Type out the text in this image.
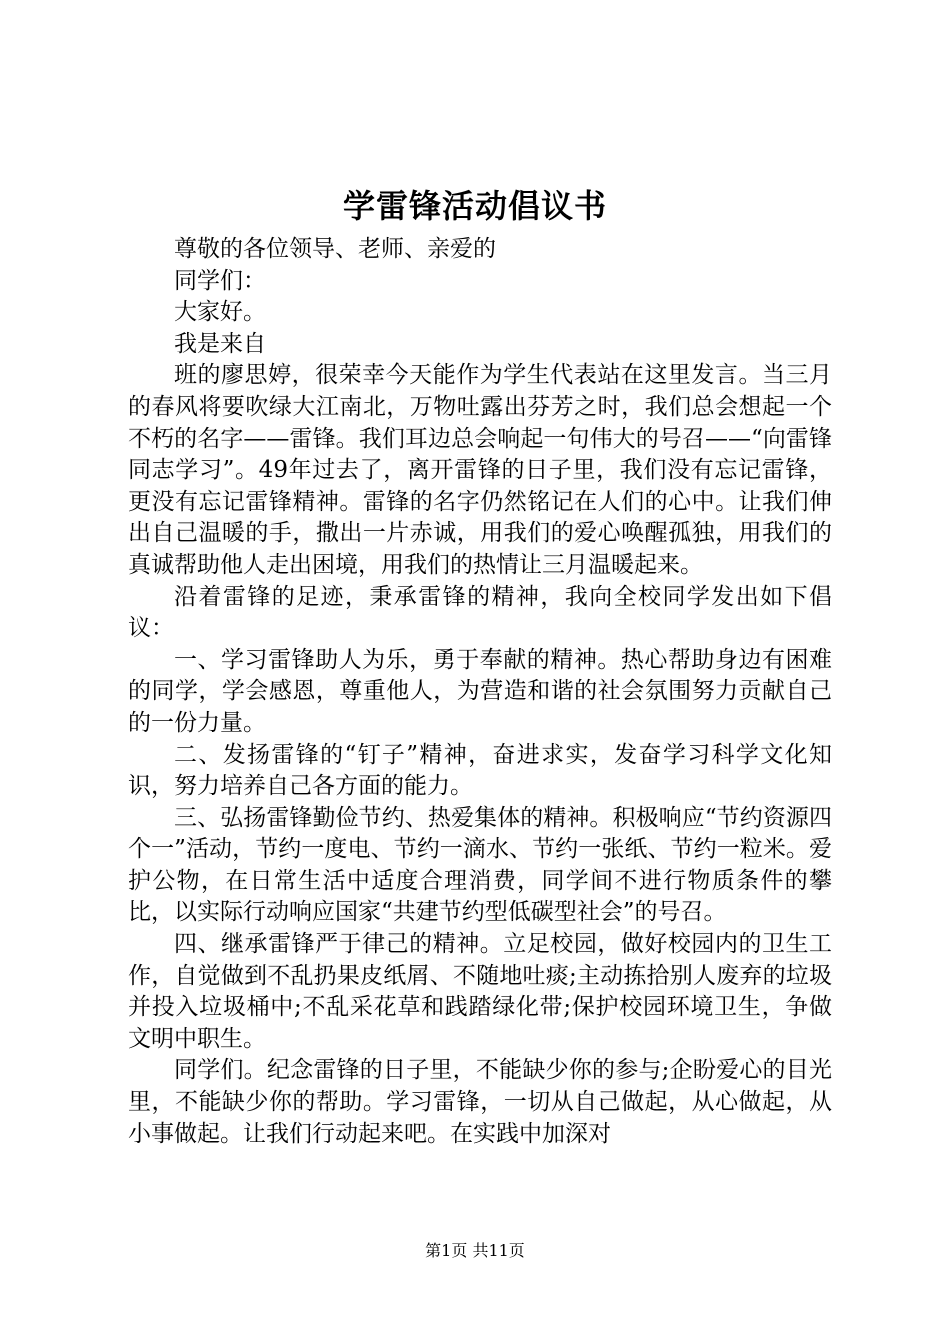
学雷锋活动倡议书

尊敬的各位领导、老师、亲爱的

同学们：

大家好。

我是来自

班的廖思婷，很荣幸今天能作为学生代表站在这里发言。当三月的春风将要吹绿大江南北，万物吐露出芬芳之时，我们总会想起一个不朽的名字——雷锋。我们耳边总会响起一句伟大的号召——“向雷锋同志学习”。49年过去了，离开雷锋的日子里，我们没有忘记雷锋，更没有忘记雷锋精神。雷锋的名字仍然铭记在人们的心中。让我们伸出自己温暖的手，撒出一片赤诚，用我们的爱心唤醒孤独，用我们的真诚帮助他人走出困境，用我们的热情让三月温暖起来。

沿着雷锋的足迹，秉承雷锋的精神，我向全校同学发出如下倡议：

一、学习雷锋助人为乐，勇于奉献的精神。热心帮助身边有困难的同学，学会感恩，尊重他人，为营造和谐的社会氛围努力贡献自己的一份力量。

二、发扬雷锋的“钉子”精神，奋进求实，发奋学习科学文化知识，努力培养自己各方面的能力。

三、弘扬雷锋勤俭节约、热爱集体的精神。积极响应“节约资源四个一”活动，节约一度电、节约一滴水、节约一张纸、节约一粒米。爱护公物，在日常生活中适度合理消费，同学间不进行物质条件的攀比，以实际行动响应国家“共建节约型低碳型社会”的号召。

四、继承雷锋严于律己的精神。立足校园，做好校园内的卫生工作，自觉做到不乱扔果皮纸屑、不随地吐痰;主动拣拾别人废弃的垃圾并投入垃圾桶中;不乱采花草和践踏绿化带;保护校园环境卫生，争做文明中职生。

同学们。纪念雷锋的日子里，不能缺少你的参与;企盼爱心的目光里，不能缺少你的帮助。学习雷锋，一切从自己做起，从心做起，从小事做起。让我们行动起来吧。在实践中加深对

第1页 共11页
